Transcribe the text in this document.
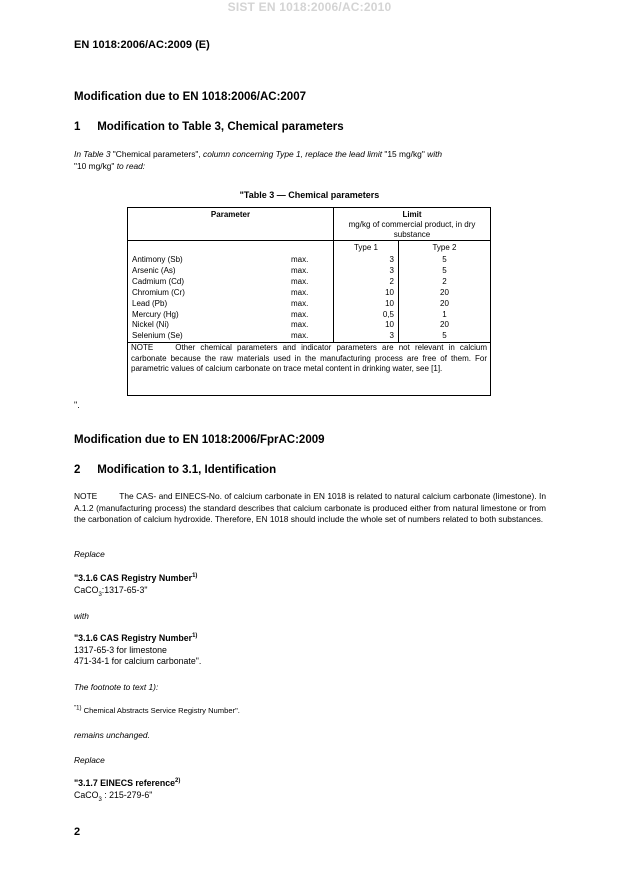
SIST EN 1018:2006/AC:2010
EN 1018:2006/AC:2009 (E)
Modification due to EN 1018:2006/AC:2007
1 Modification to Table 3, Chemical parameters
In Table 3 "Chemical parameters", column concerning Type 1, replace the lead limit "15 mg/kg" with
"10 mg/kg" to read:
"Table 3 — Chemical parameters
Parameter	Limit
mg/kg of commercial product, in dry substance
Type 1	Type 2
Antimony (Sb)	max.	3	5
Arsenic (As)	max.	3	5
Cadmium (Cd)	max.	2	2
Chromium (Cr)	max.	10	20
Lead (Pb)	max.	10	20
Mercury (Hg)	max.	0,5	1
Nickel (Ni)	max.	10	20
Selenium (Se)	max.	3	5
NOTE	Other chemical parameters and indicator parameters are not relevant in calcium carbonate because the raw materials used in the manufacturing process are free of them. For parametric values of calcium carbonate on trace metal content in drinking water, see [1].
".
Modification due to EN 1018:2006/FprAC:2009
2 Modification to 3.1, Identification
NOTE	The CAS- and EINECS-No. of calcium carbonate in EN 1018 is related to natural calcium carbonate (limestone). In A.1.2 (manufacturing process) the standard describes that calcium carbonate is produced either from natural limestone or from the carbonation of calcium hydroxide. Therefore, EN 1018 should include the whole set of numbers related to both substances.
Replace
"3.1.6 CAS Registry Number$^{1)}$
CaCO$_3$:1317-65-3"
with
"3.1.6 CAS Registry Number$^{1)}$
1317-65-3 for limestone
471-34-1 for calcium carbonate".
The footnote to text 1):
$^{"1)}$ Chemical Abstracts Service Registry Number".
remains unchanged.
Replace
"3.1.7 EINECS reference$^{2)}$
CaCO$_3$ : 215-279-6"
2
